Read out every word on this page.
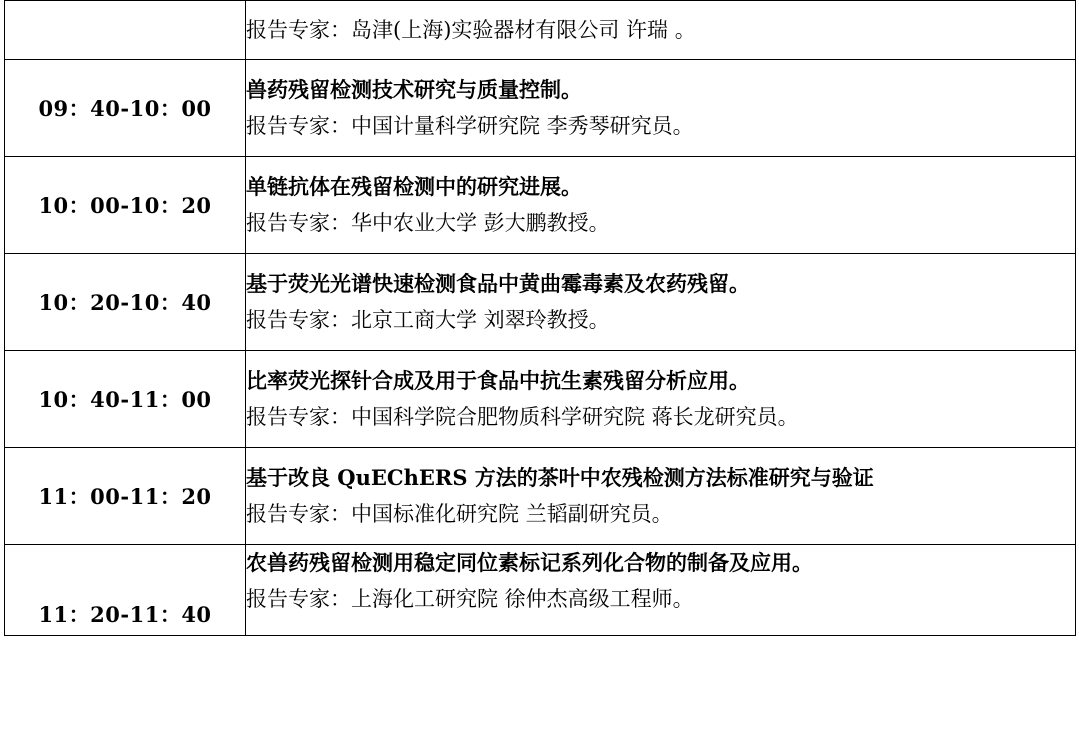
	报告专家：岛津(上海)实验器材有限公司 许瑞 。

09：40-10：00	兽药残留检测技术研究与质量控制。
报告专家：中国计量科学研究院 李秀琴研究员。

10：00-10：20	单链抗体在残留检测中的研究进展。
报告专家：华中农业大学 彭大鹏教授。

10：20-10：40	基于荧光光谱快速检测食品中黄曲霉毒素及农药残留。
报告专家：北京工商大学 刘翠玲教授。

10：40-11：00	比率荧光探针合成及用于食品中抗生素残留分析应用。
报告专家：中国科学院合肥物质科学研究院 蒋长龙研究员。

11：00-11：20	基于改良 QuEChERS 方法的茶叶中农残检测方法标准研究与验证
报告专家：中国标准化研究院 兰韬副研究员。

11：20-11：40	农兽药残留检测用稳定同位素标记系列化合物的制备及应用。
报告专家：上海化工研究院 徐仲杰高级工程师。
